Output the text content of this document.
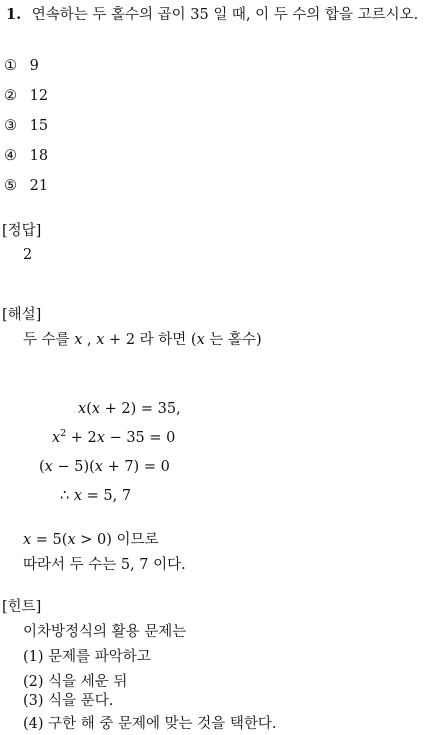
1. 연속하는 두 홀수의 곱이 35 일 때, 이 두 수의 합을 고르시오.
① 9
② 12
③ 15
④ 18
⑤ 21
[정답]
2
[해설]
두 수를 x , x + 2 라 하면 (x 는 홀수)
x(x + 2) = 35,
$x^2 + 2x - 35 = 0$
(x − 5)(x + 7) = 0
∴ x = 5, 7
x = 5(x > 0) 이므로
따라서 두 수는 5, 7 이다.
[힌트]
이차방정식의 활용 문제는
(1) 문제를 파악하고
(2) 식을 세운 뒤
(3) 식을 푼다.
(4) 구한 해 중 문제에 맞는 것을 택한다.
